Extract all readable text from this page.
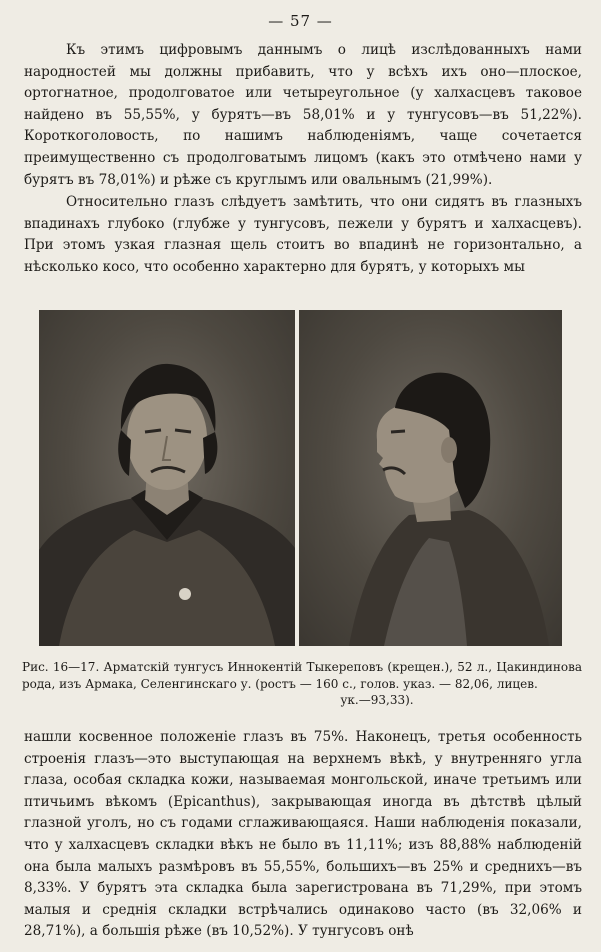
— 57 —

Къ этимъ цифровымъ даннымъ о лицѣ изслѣдованныхъ нами народностей мы должны прибавить, что у всѣхъ ихъ оно—плоское, ортогнатное, продолговатое или четыреугольное (у халхасцевъ таковое найдено въ 55,55%, у бурятъ—въ 58,01% и у тунгусовъ—въ 51,22%). Короткоголовость, по нашимъ наблюденіямъ, чаще сочетается преимущественно съ продолговатымъ лицомъ (какъ это отмѣчено нами у бурятъ въ 78,01%) и рѣже съ круглымъ или овальнымъ (21,99%).

Относительно глазъ слѣдуетъ замѣтить, что они сидятъ въ глазныхъ впадинахъ глубоко (глубже у тунгусовъ, пежели у бурятъ и халхасцевъ). При этомъ узкая глазная щель стоитъ во впадинѣ не горизонтально, а нѣсколько косо, что особенно характерно для бурятъ, у которыхъ мы

Рис. 16—17. Арматскій тунгусъ Иннокентій Тыкереповъ (крещен.), 52 л., Цакиндинова рода, изъ Армака, Селенгинскаго у. (ростъ — 160 с., голов. указ. — 82,06, лицев.
ук.—93,33).

нашли косвенное положеніе глазъ въ 75%. Наконецъ, третья особенность строенія глазъ—это выступающая на верхнемъ вѣкѣ, у внутренняго угла глаза, особая складка кожи, называемая монгольской, иначе третьимъ или птичьимъ вѣкомъ (Epicanthus), закрывающая иногда въ дѣтствѣ цѣлый глазной уголъ, но съ годами сглаживающаяся. Наши наблюденія показали, что у халхасцевъ складки вѣкъ не было въ 11,11%; изъ 88,88% наблюденій она была малыхъ размѣровъ въ 55,55%, большихъ—въ 25% и среднихъ—въ 8,33%. У бурятъ эта складка была зарегистрована въ 71,29%, при этомъ малыя и среднія складки встрѣчались одинаково часто (въ 32,06% и 28,71%), а большія рѣже (въ 10,52%). У тунгусовъ онѣ
